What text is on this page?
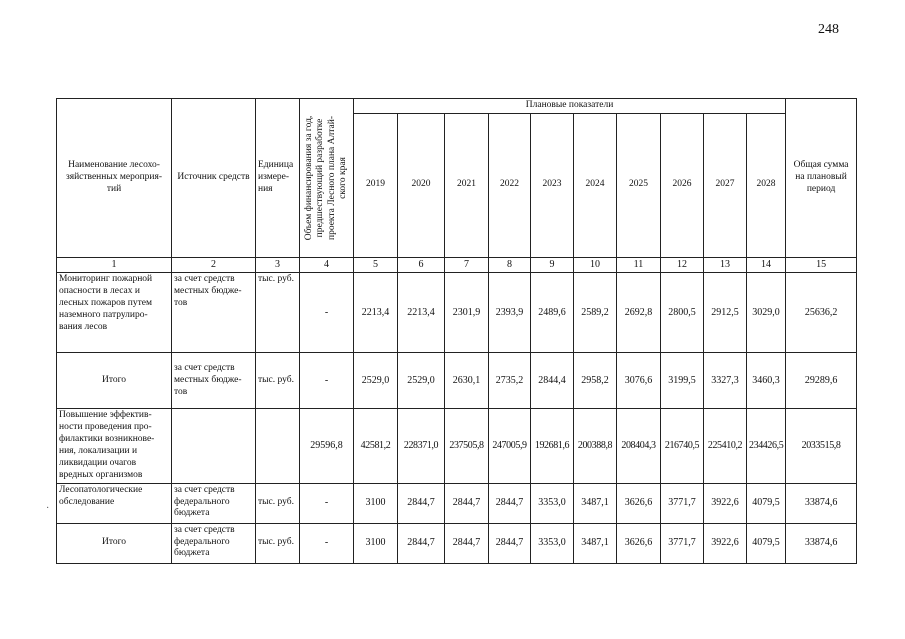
248
·
Наименование лесохо-зяйственных мероприя-тий	Источник средств	Единица измере-ния	Объем финансирования за год, предшествующий разработке проекта Лесного плана Алтай-ского края	Плановые показатели										Общая сумма на плановый период
				2019	2020	2021	2022	2023	2024	2025	2026	2027	2028	
1	2	3	4	5	6	7	8	9	10	11	12	13	14	15
Мониторинг пожарной опасности в лесах и лесных пожаров путем наземного патрулиро-вания лесов	за счет средств местных бюдже-тов	тыс. руб.	-	2213,4	2213,4	2301,9	2393,9	2489,6	2589,2	2692,8	2800,5	2912,5	3029,0	25636,2
Итого	за счет средств местных бюдже-тов	тыс. руб.	-	2529,0	2529,0	2630,1	2735,2	2844,4	2958,2	3076,6	3199,5	3327,3	3460,3	29289,6
Повышение эффектив-ности проведения про-филактики возникнове-ния, локализации и ликвидации очагов вредных организмов			29596,8	42581,2	228371,0	237505,8	247005,9	192681,6	200388,8	208404,3	216740,5	225410,2	234426,5	2033515,8
Лесопатологические обследование	за счет средств федерального бюджета	тыс. руб.	-	3100	2844,7	2844,7	2844,7	3353,0	3487,1	3626,6	3771,7	3922,6	4079,5	33874,6
Итого	за счет средств федерального бюджета	тыс. руб.	-	3100	2844,7	2844,7	2844,7	3353,0	3487,1	3626,6	3771,7	3922,6	4079,5	33874,6
